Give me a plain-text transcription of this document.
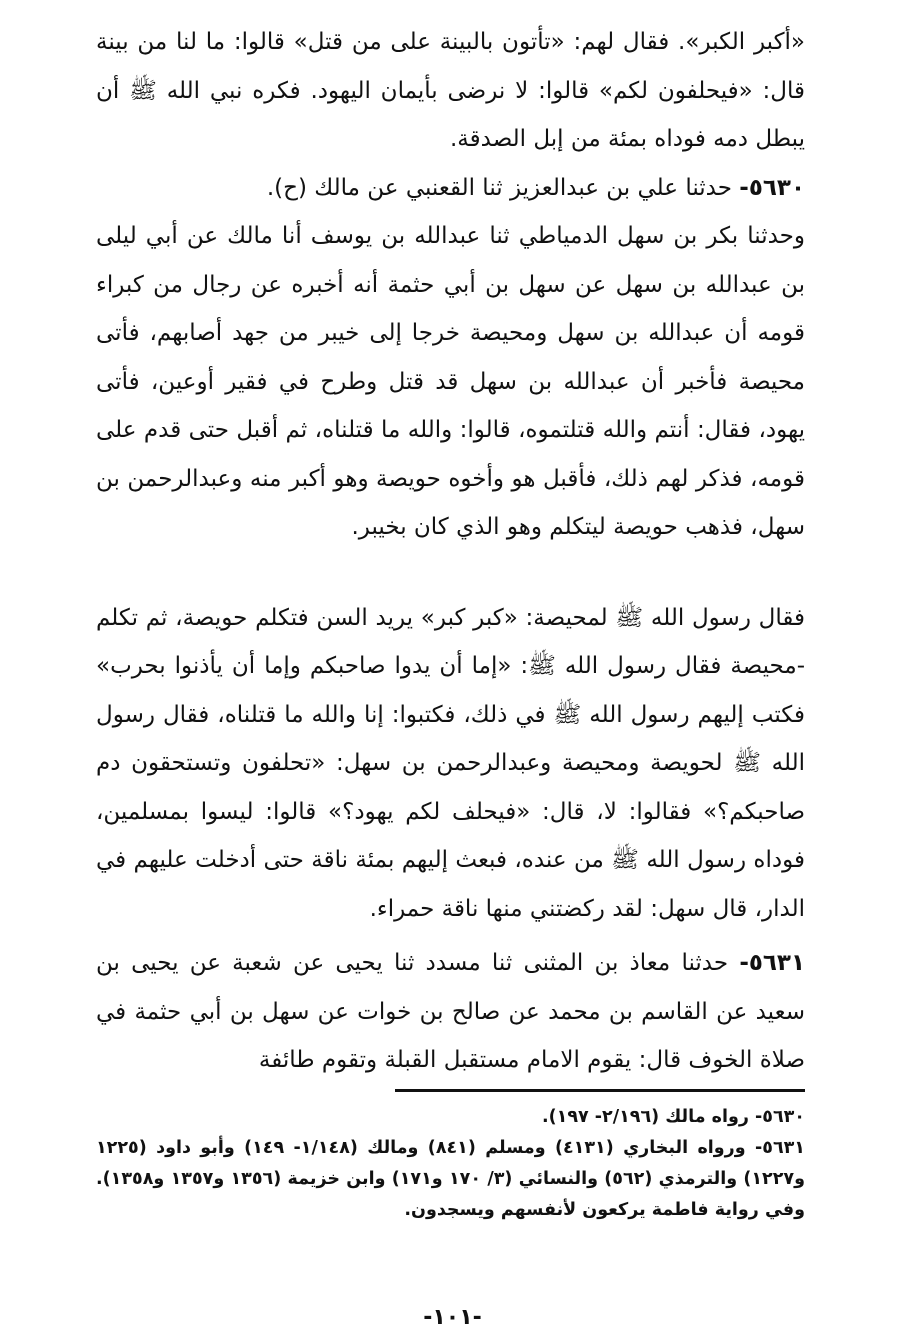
«أكبر الكبر». فقال لهم: «تأتون بالبينة على من قتل» قالوا: ما لنا من بينة قال: «فيحلفون لكم» قالوا: لا نرضى بأيمان اليهود. فكره نبي الله ﷺ أن يبطل دمه فوداه بمئة من إبل الصدقة.

٥٦٣٠- حدثنا علي بن عبدالعزيز ثنا القعنبي عن مالك (ح).

وحدثنا بكر بن سهل الدمياطي ثنا عبدالله بن يوسف أنا مالك عن أبي ليلى بن عبدالله بن سهل عن سهل بن أبي حثمة أنه أخبره عن رجال من كبراء قومه أن عبدالله بن سهل ومحيصة خرجا إلى خيبر من جهد أصابهم، فأتى محيصة فأخبر أن عبدالله بن سهل قد قتل وطرح في فقير أوعين، فأتى يهود، فقال: أنتم والله قتلتموه، قالوا: والله ما قتلناه، ثم أقبل حتى قدم على قومه، فذكر لهم ذلك، فأقبل هو وأخوه حويصة وهو أكبر منه وعبدالرحمن بن سهل، فذهب حويصة ليتكلم وهو الذي كان بخيبر.

فقال رسول الله ﷺ لمحيصة: «كبر كبر» يريد السن فتكلم حويصة، ثم تكلم -محيصة فقال رسول الله ﷺ: «إما أن يدوا صاحبكم وإما أن يأذنوا بحرب» فكتب إليهم رسول الله ﷺ في ذلك، فكتبوا: إنا والله ما قتلناه، فقال رسول الله ﷺ لحويصة ومحيصة وعبدالرحمن بن سهل: «تحلفون وتستحقون دم صاحبكم؟» فقالوا: لا، قال: «فيحلف لكم يهود؟» قالوا: ليسوا بمسلمين، فوداه رسول الله ﷺ من عنده، فبعث إليهم بمئة ناقة حتى أدخلت عليهم في الدار، قال سهل: لقد ركضتني منها ناقة حمراء.

٥٦٣١- حدثنا معاذ بن المثنى ثنا مسدد ثنا يحيى عن شعبة عن يحيى بن سعيد عن القاسم بن محمد عن صالح بن خوات عن سهل بن أبي حثمة في صلاة الخوف قال: يقوم الامام مستقبل القبلة وتقوم طائفة

٥٦٣٠- رواه مالك (٢/١٩٦- ١٩٧).

٥٦٣١- ورواه البخاري (٤١٣١) ومسلم (٨٤١) ومالك (١/١٤٨- ١٤٩) وأبو داود (١٢٢٥ و١٢٢٧) والترمذي (٥٦٢) والنسائي (٣/ ١٧٠ و١٧١) وابن خزيمة (١٣٥٦ و١٣٥٧ و١٣٥٨). وفي رواية فاطمة يركعون لأنفسهم ويسجدون.

-١٠١-
